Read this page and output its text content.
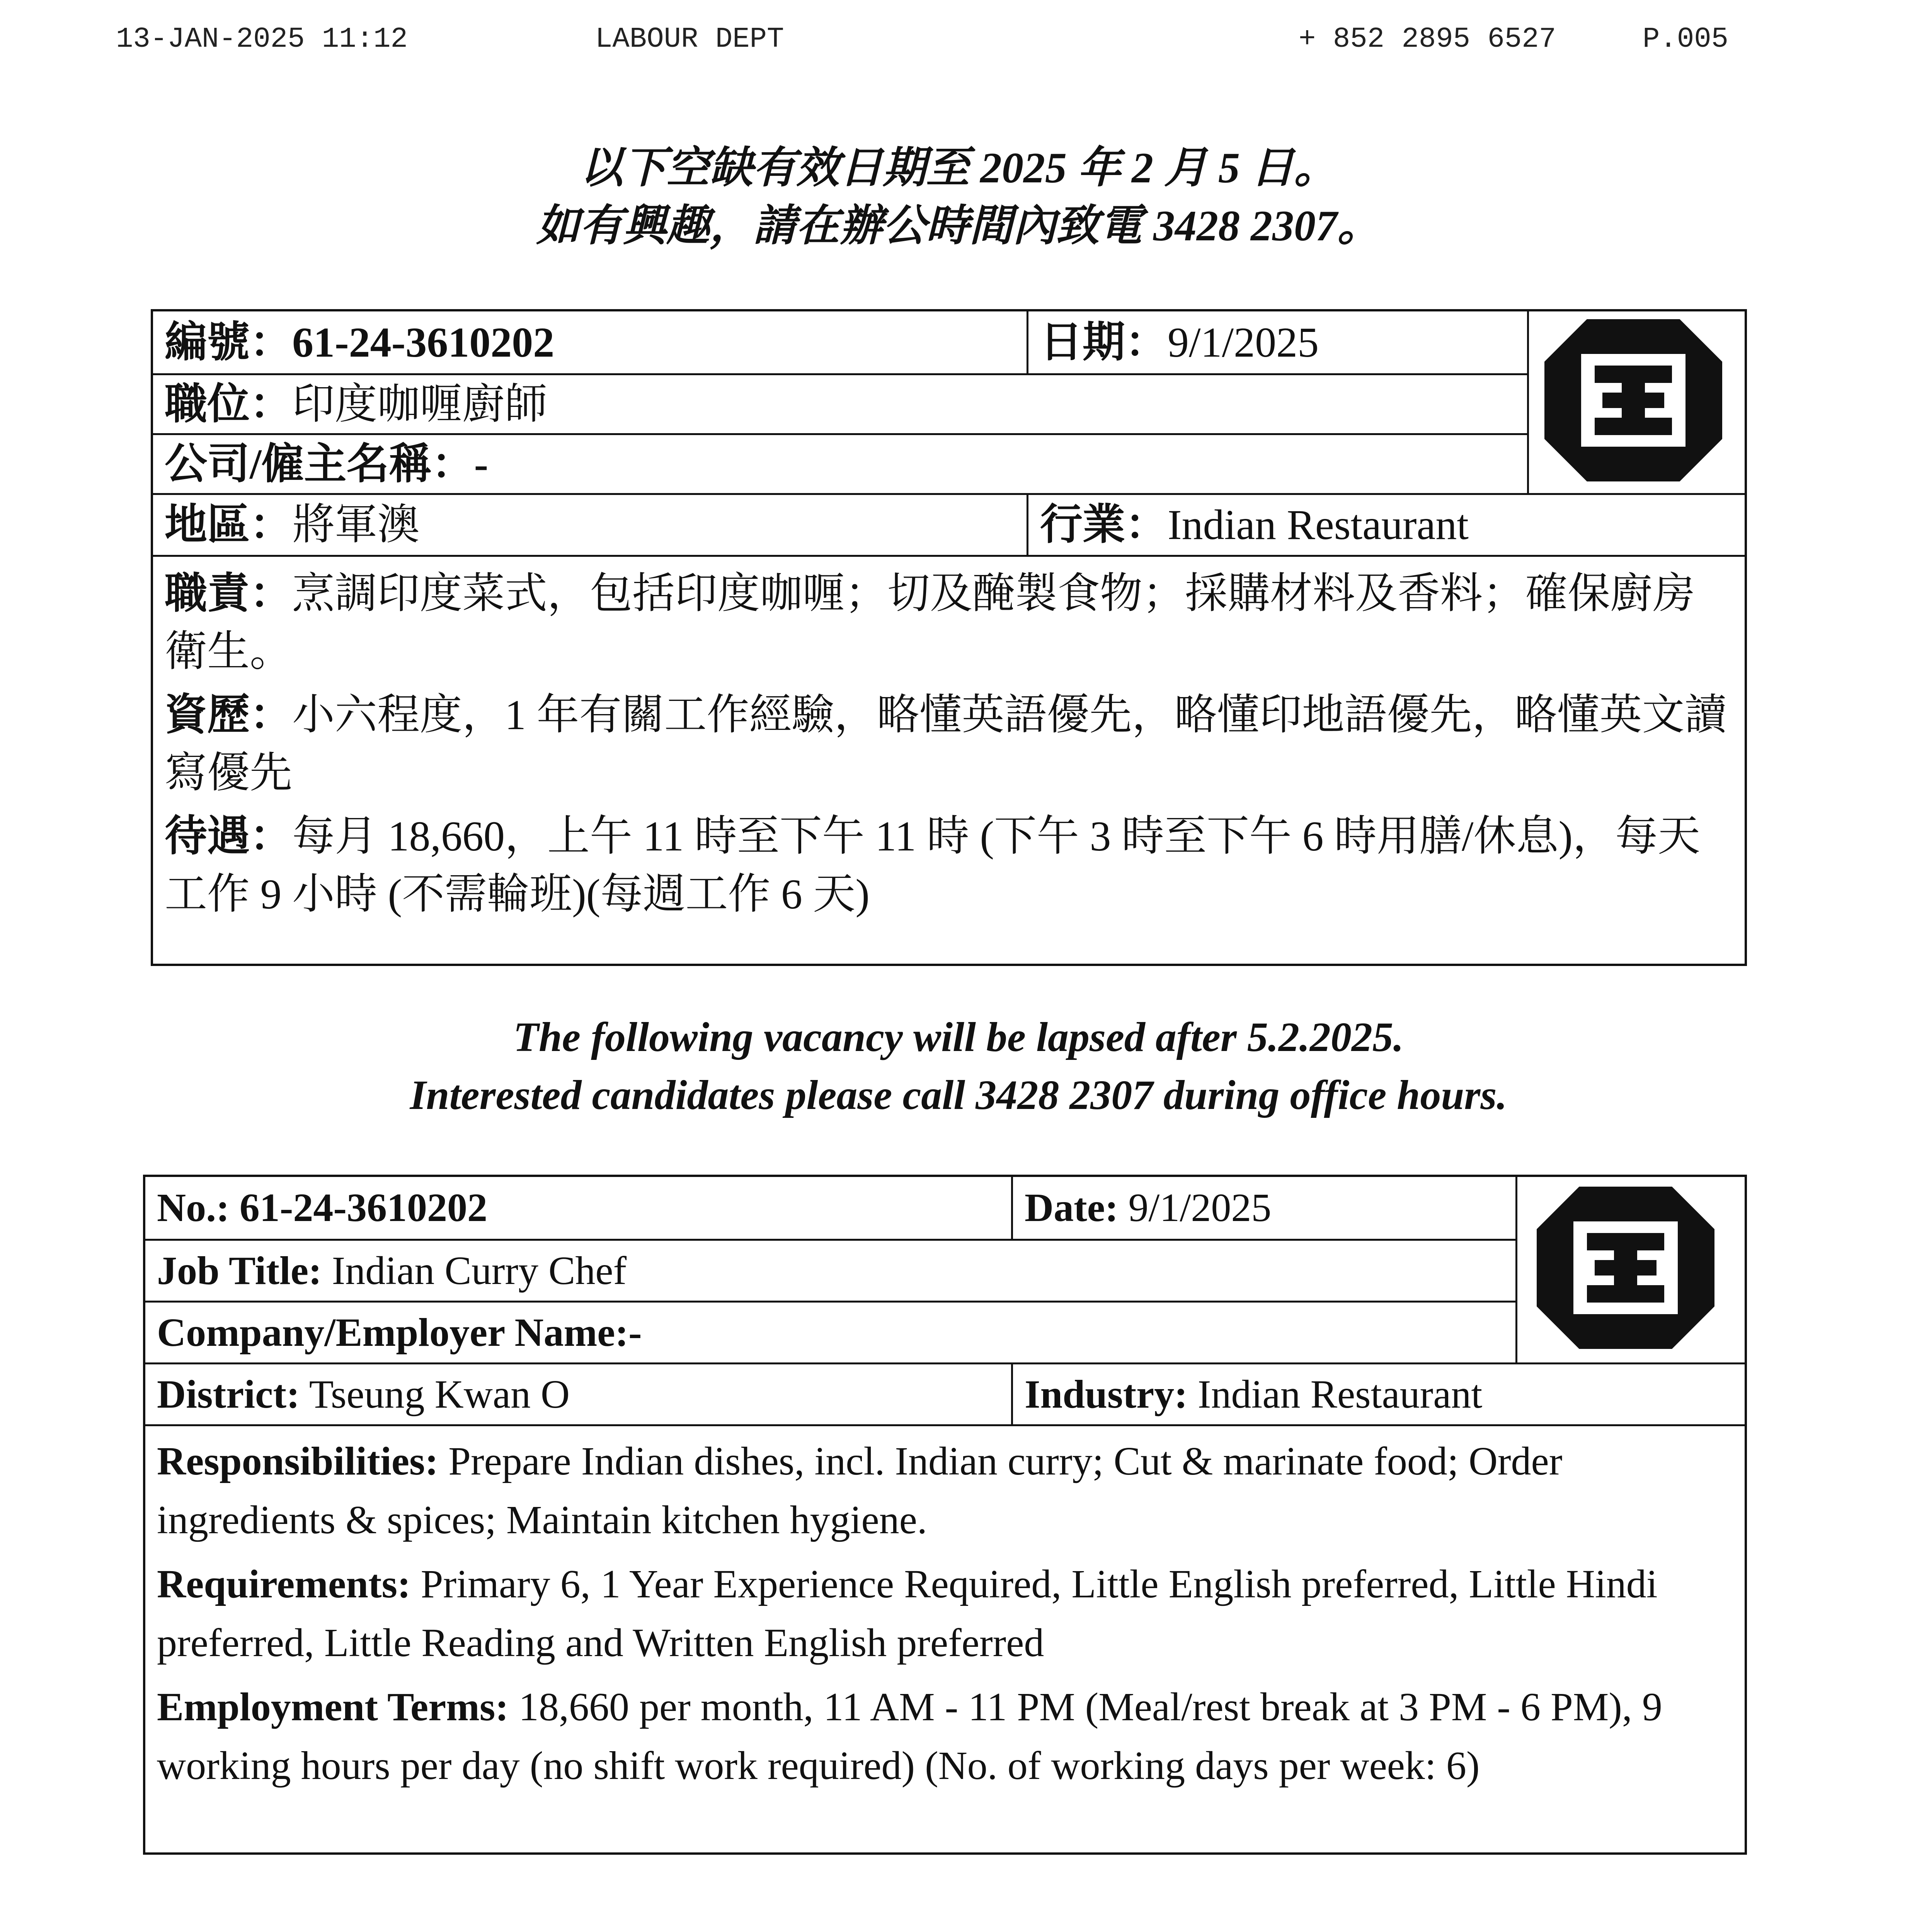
13-JAN-2025 11:12	LABOUR DEPT	+ 852 2895 6527	P.005
以下空缺有效日期至 2025 年 2 月 5 日。
如有興趣，請在辦公時間內致電 3428 2307。
編號：61-24-3610202	日期：9/1/2025
職位：印度咖喱廚師
公司/僱主名稱：-
地區：將軍澳	行業：Indian Restaurant

職責：烹調印度菜式，包括印度咖喱；切及醃製食物；採購材料及香料；確保廚房衛生。

資歷：小六程度，1 年有關工作經驗，略懂英語優先，略懂印地語優先，略懂英文讀寫優先

待遇：每月 18,660，上午 11 時至下午 11 時 (下午 3 時至下午 6 時用膳/休息)，每天工作 9 小時 (不需輪班)(每週工作 6 天)

The following vacancy will be lapsed after 5.2.2025.
Interested candidates please call 3428 2307 during office hours.
No.: 61-24-3610202	Date: 9/1/2025
Job Title: Indian Curry Chef
Company/Employer Name:-
District: Tseung Kwan O	Industry: Indian Restaurant

Responsibilities: Prepare Indian dishes, incl. Indian curry; Cut & marinate food; Order ingredients & spices; Maintain kitchen hygiene.

Requirements: Primary 6, 1 Year Experience Required, Little English preferred, Little Hindi preferred, Little Reading and Written English preferred

Employment Terms: 18,660 per month, 11 AM - 11 PM (Meal/rest break at 3 PM - 6 PM), 9 working hours per day (no shift work required) (No. of working days per week: 6)
